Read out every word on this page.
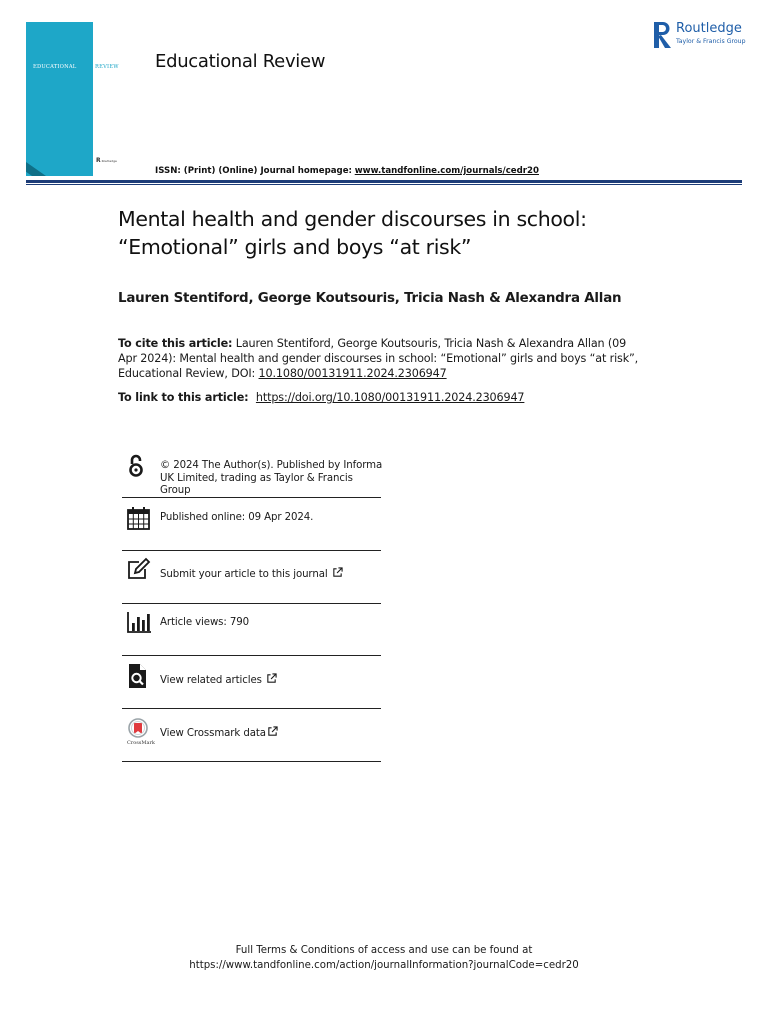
EDUCATIONAL	REVIEW
RRoutledge
Educational Review
ISSN: (Print) (Online) Journal homepage: www.tandfonline.com/journals/cedr20
Routledge
Taylor & Francis Group
Mental health and gender discourses in school:
“Emotional” girls and boys “at risk”
Lauren Stentiford, George Koutsouris, Tricia Nash & Alexandra Allan
To cite this article: Lauren Stentiford, George Koutsouris, Tricia Nash & Alexandra Allan (09
Apr 2024): Mental health and gender discourses in school: “Emotional” girls and boys “at risk”,
Educational Review, DOI: 10.1080/00131911.2024.2306947
To link to this article: https://doi.org/10.1080/00131911.2024.2306947
© 2024 The Author(s). Published by Informa
UK Limited, trading as Taylor & Francis
Group
Published online: 09 Apr 2024.
Submit your article to this journal
Article views: 790
View related articles
CrossMark
View Crossmark data
Full Terms & Conditions of access and use can be found at
https://www.tandfonline.com/action/journalInformation?journalCode=cedr20
